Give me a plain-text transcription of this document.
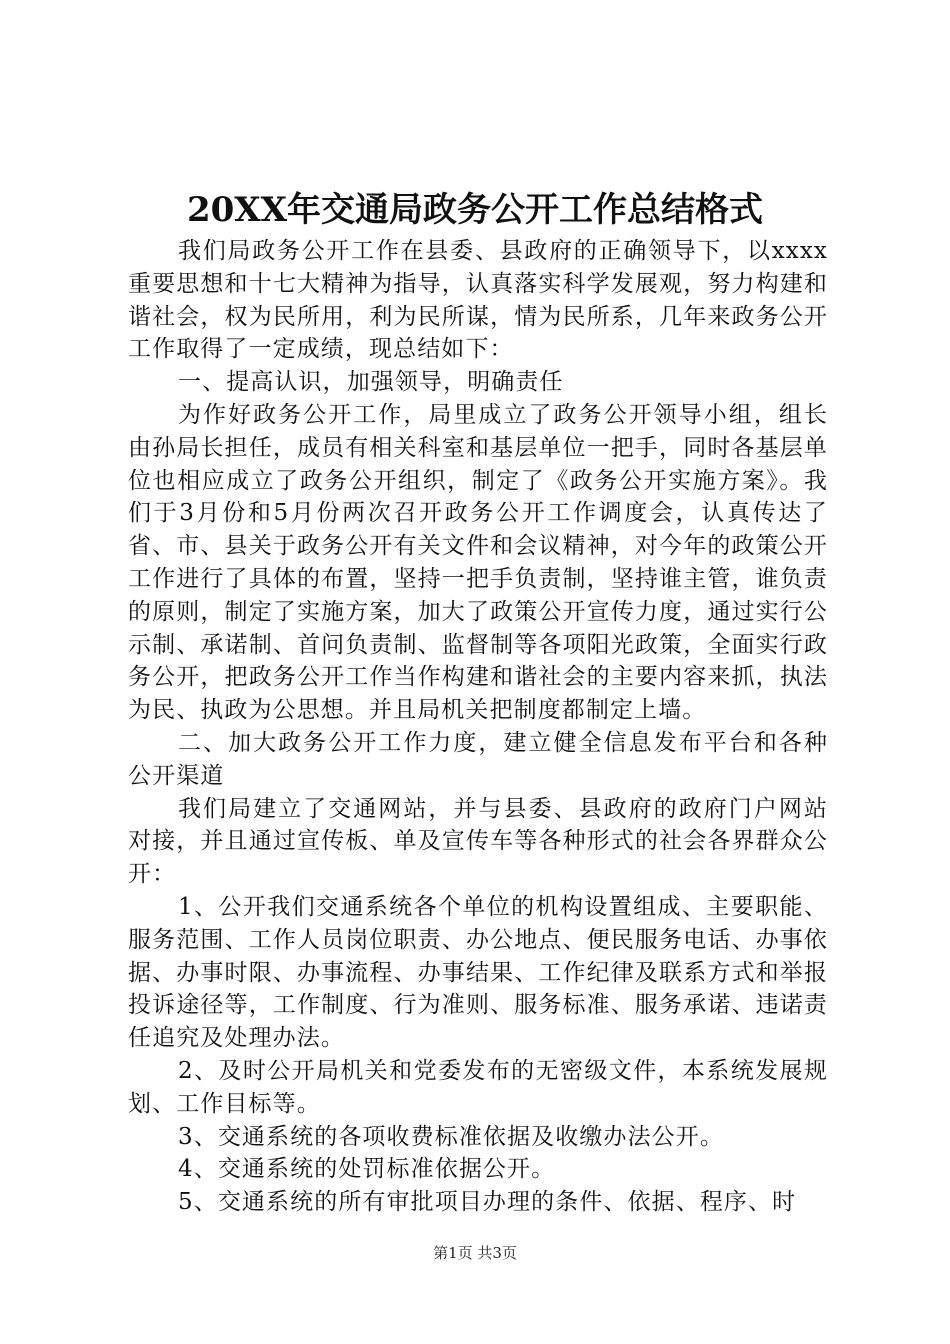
20XX年交通局政务公开工作总结格式

我们局政务公开工作在县委、县政府的正确领导下，以xxxx重要思想和十七大精神为指导，认真落实科学发展观，努力构建和谐社会，权为民所用，利为民所谋，情为民所系，几年来政务公开工作取得了一定成绩，现总结如下：

一、提高认识，加强领导，明确责任

为作好政务公开工作，局里成立了政务公开领导小组，组长由孙局长担任，成员有相关科室和基层单位一把手，同时各基层单位也相应成立了政务公开组织，制定了《政务公开实施方案》。我们于3月份和5月份两次召开政务公开工作调度会，认真传达了省、市、县关于政务公开有关文件和会议精神，对今年的政策公开工作进行了具体的布置，坚持一把手负责制，坚持谁主管，谁负责的原则，制定了实施方案，加大了政策公开宣传力度，通过实行公示制、承诺制、首问负责制、监督制等各项阳光政策，全面实行政务公开，把政务公开工作当作构建和谐社会的主要内容来抓，执法为民、执政为公思想。并且局机关把制度都制定上墙。

二、加大政务公开工作力度，建立健全信息发布平台和各种公开渠道

我们局建立了交通网站，并与县委、县政府的政府门户网站对接，并且通过宣传板、单及宣传车等各种形式的社会各界群众公开：

1、公开我们交通系统各个单位的机构设置组成、主要职能、服务范围、工作人员岗位职责、办公地点、便民服务电话、办事依据、办事时限、办事流程、办事结果、工作纪律及联系方式和举报投诉途径等，工作制度、行为准则、服务标准、服务承诺、违诺责任追究及处理办法。

2、及时公开局机关和党委发布的无密级文件，本系统发展规划、工作目标等。

3、交通系统的各项收费标准依据及收缴办法公开。

4、交通系统的处罚标准依据公开。

5、交通系统的所有审批项目办理的条件、依据、程序、时

第1页 共3页
